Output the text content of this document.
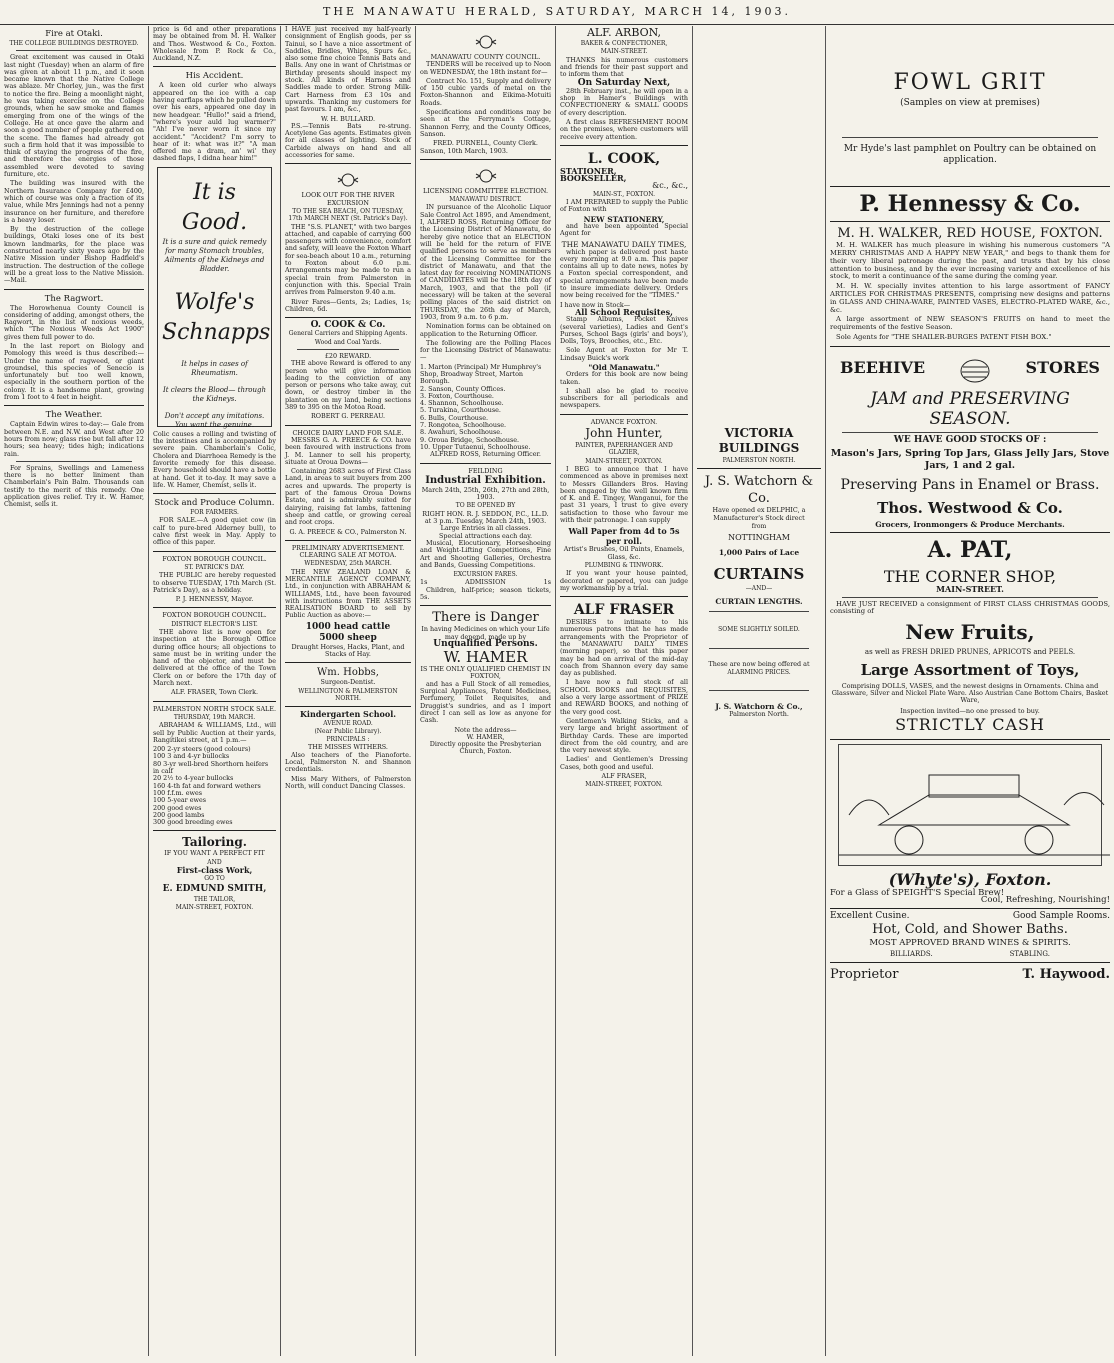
THE MANAWATU HERALD, SATURDAY, MARCH 14, 1903.
Fire at Otaki.
THE COLLEGE BUILDINGS DESTROYED.

Great excitement was caused in Otaki last night (Tuesday) when an alarm of fire was given at about 11 p.m., and it soon became known that the Native College was ablaze. Mr Chorley, jun., was the first to notice the fire. Being a moonlight night, he was taking exercise on the College grounds, when he saw smoke and flames emerging from one of the wings of the College. He at once gave the alarm and soon a good number of people gathered on the scene. The flames had already got such a firm hold that it was impossible to think of staying the progress of the fire, and therefore the energies of those assembled were devoted to saving furniture, etc.

The building was insured with the Northern Insurance Company for £400, which of course was only a fraction of its value, while Mrs Jennings had not a penny insurance on her furniture, and therefore is a heavy loser.

By the destruction of the college buildings, Otaki loses one of its best known landmarks, for the place was constructed nearly sixty years ago by the Native Mission under Bishop Hadfield's instruction. The destruction of the college will be a great loss to the Native Mission.—Mail.

The Ragwort.

The Horowhenua County Council is considering of adding, amongst others, the Ragwort, in the list of noxious weeds, which "The Noxious Weeds Act 1900" gives them full power to do.

In the last report on Biology and Pomology this weed is thus described:—Under the name of ragweed, or giant groundsel, this species of Senecio is unfortunately but too well known, especially in the southern portion of the colony. It is a handsome plant, growing from 1 foot to 4 feet in height.

The Weather.

Captain Edwin wires to-day:— Gale from between N.E. and N.W. and West after 20 hours from now; glass rise but fall after 12 hours; sea heavy; tides high; indications rain.

For Sprains, Swellings and Lameness there is no better liniment than Chamberlain's Pain Balm. Thousands can testify to the merit of this remedy. One application gives relief. Try it. W. Hamer, Chemist, sells it.

price is 6d and other preparations may be obtained from M. H. Walker and Thos. Westwood & Co., Foxton. Wholesale from P. Rock & Co., Auckland, N.Z.

His Accident.

A keen old curler who always appeared on the ice with a cap having earflaps which he pulled down over his ears, appeared one day in new headgear. "Hullo!" said a friend, "where's your auld lug warmer?" "Ah! I've never worn it since my accident." "Accident? I'm sorry to hear of it: what was it?" "A man offered me a dram, an' wi' they dashed flaps, I didna hear him!"

It is Good.
It is a sure and quick remedy for many Stomach troubles, Ailments of the Kidneys and Bladder.
Wolfe's
Schnapps
It helps in cases of Rheumatism.
It clears the Blood— through the Kidneys.
Don't accept any imitations. You want the genuine.

Colic causes a rolling and twisting of the intestines and is accompanied by severe pain. Chamberlain's Colic, Cholera and Diarrhoea Remedy is the favorite remedy for this disease. Every household should have a bottle at hand. Get it to-day. It may save a life. W. Hamer, Chemist, sells it.

Stock and Produce Column.
FOR FARMERS.

FOR SALE.—A good quiet cow (in calf to pure-bred Alderney bull), to calve first week in May. Apply to office of this paper.

FOXTON BOROUGH COUNCIL.
ST. PATRICK'S DAY.

THE PUBLIC are hereby requested to observe TUESDAY, 17th March (St. Patrick's Day), as a holiday.

P. J. HENNESSY, Mayor.
FOXTON BOROUGH COUNCIL.
DISTRICT ELECTOR'S LIST.

THE above list is now open for inspection at the Borough Office during office hours; all objections to same must be in writing under the hand of the objector, and must be delivered at the office of the Town Clerk on or before the 17th day of March next.

ALF. FRASER, Town Clerk.
PALMERSTON NORTH STOCK SALE.
THURSDAY, 19th MARCH.

ABRAHAM & WILLIAMS, Ltd., will sell by Public Auction at their yards, Rangitikei street, at 1 p.m.—

200 2-yr steers (good colours)
100 3 and 4-yr bullocks
80 3-yr well-bred Shorthorn heifers in calf
20 2½ to 4-year bullocks
160 4-th fat and forward wethers
100 f.f.m. ewes
100 5-year ewes
200 good ewes
200 good lambs
300 good breeding ewes
Tailoring.
IF YOU WANT A PERFECT FIT
AND
First-class Work,
GO TO
E. EDMUND SMITH,
THE TAILOR,
MAIN-STREET, FOXTON.

I HAVE just received my half-yearly consignment of English goods, per ss Tainui, so I have a nice assortment of Saddles, Bridles, Whips, Spurs &c., also some fine choice Tennis Bats and Balls. Any one in want of Christmas or Birthday presents should inspect my stock. All kinds of Harness and Saddles made to order. Strong Milk-Cart Harness from £3 10s and upwards. Thanking my customers for past favours. I am, &c.,

W. H. BULLARD.

P.S.—Tennis Bats re-strung. Acetylene Gas agents. Estimates given for all classes of lighting. Stock of Carbide always on hand and all accessories for same.

LOOK OUT FOR THE RIVER EXCURSION
TO THE SEA BEACH, ON TUESDAY, 17th MARCH NEXT (St. Patrick's Day).

THE "S.S. PLANET," with two barges attached, and capable of carrying 600 passengers with convenience, comfort and safety, will leave the Foxton Wharf for sea-beach about 10 a.m., returning to Foxton about 6.0 p.m. Arrangements may be made to run a special train from Palmerston in conjunction with this. Special Train arrives from Palmerston 9.40 a.m.

River Fares—Gents, 2s; Ladies, 1s; Children, 6d.

O. COOK & Co.
General Carriers and Shipping Agents.
Wood and Coal Yards.
£20 REWARD.

THE above Reward is offered to any person who will give information leading to the conviction of any person or persons who take away, cut down, or destroy timber in the plantation on my land, being sections 389 to 395 on the Motoa Road.

ROBERT G. PERREAU.
CHOICE DAIRY LAND FOR SALE.

MESSRS G. A. PREECE & CO. have been favoured with instructions from J. M. Lanner to sell his property, situate at Oroua Downs—

Containing 2683 acres of First Class Land, in areas to suit buyers from 200 acres and upwards. The property is part of the famous Oroua Downs Estate, and is admirably suited for dairying, raising fat lambs, fattening sheep and cattle, or growing cereal and root crops.

G. A. PREECE & CO., Palmerston N.
PRELIMINARY ADVERTISEMENT.
CLEARING SALE AT MOTOA.
WEDNESDAY, 25th MARCH.

THE NEW ZEALAND LOAN & MERCANTILE AGENCY COMPANY, Ltd., in conjunction with ABRAHAM & WILLIAMS, Ltd., have been favoured with instructions from THE ASSETS REALISATION BOARD to sell by Public Auction as above:—

1000 head cattle
5000 sheep
Draught Horses, Hacks, Plant, and Stacks of Hay.
Wm. Hobbs,
Surgeon-Dentist.
WELLINGTON & PALMERSTON NORTH.
Kindergarten School.
AVENUE ROAD.
(Near Public Library).
PRINCIPALS :
THE MISSES WITHERS.

Also teachers of the Pianoforte. Local, Palmerston N. and Shannon credentials.

Miss Mary Withers, of Palmerston North, will conduct Dancing Classes.

MANAWATU COUNTY COUNCIL.

TENDERS will be received up to Noon on WEDNESDAY, the 18th instant for—

Contract No. 151, Supply and delivery of 150 cubic yards of metal on the Foxton-Shannon and Eikima-Motuiti Roads.

Specifications and conditions may be seen at the Ferryman's Cottage, Shannon Ferry, and the County Offices, Sanson.

FRED. PURNELL, County Clerk.
Sanson, 10th March, 1903.
LICENSING COMMITTEE ELECTION.
MANAWATU DISTRICT.

IN pursuance of the Alcoholic Liquor Sale Control Act 1895, and Amendment, I, ALFRED ROSS, Returning Officer for the Licensing District of Manawatu, do hereby give notice that an ELECTION will be held for the return of FIVE qualified persons to serve as members of the Licensing Committee for the district of Manawatu, and that the latest day for receiving NOMINATIONS of CANDIDATES will be the 18th day of March, 1903, and that the poll (if necessary) will be taken at the several polling places of the said district on THURSDAY, the 26th day of March, 1903, from 9 a.m. to 6 p.m.

Nomination forms can be obtained on application to the Returning Officer.

The following are the Polling Places for the Licensing District of Manawatu:—

1. Marton (Principal) Mr Humphrey's Shop, Broadway Street, Marton Borough.
2. Sanson, County Offices.
3. Foxton, Courthouse.
4. Shannon, Schoolhouse.
5. Turakina, Courthouse.
6. Bulls, Courthouse.
7. Rongotea, Schoolhouse.
8. Awahuri, Schoolhouse.
9. Oroua Bridge, Schoolhouse.
10. Upper Tutaenui, Schoolhouse.
ALFRED ROSS, Returning Officer.
FEILDING
Industrial Exhibition.
March 24th, 25th, 26th, 27th and 28th, 1903.
TO BE OPENED BY
RIGHT HON. R. J. SEDDON, P.C., LL.D.
at 3 p.m. Tuesday, March 24th, 1903.
Large Entries in all classes.
Special attractions each day.

Musical, Elocutionary, Horseshoeing and Weight-Lifting Competitions, Fine Art and Shooting Galleries, Orchestra and Bands, Guessing Competitions.

EXCURSION FARES.
1s	ADMISSION	1s

Children, half-price; season tickets, 5s.

There is Danger
In having Medicines on which your Life may depend, made up by
Unqualified Persons.
W. HAMER
IS THE ONLY QUALIFIED CHEMIST IN FOXTON,

and has a Full Stock of all remedies, Surgical Appliances, Patent Medicines, Perfumery, Toilet Requisites, and Druggist's sundries, and as I import direct I can sell as low as anyone for Cash.

Note the address—
W. HAMER,
Directly opposite the Presbyterian Church, Foxton.
ALF. ARBON,
BAKER & CONFECTIONER,
MAIN-STREET.

THANKS his numerous customers and friends for their past support and to inform them that

On Saturday Next,

28th February inst., he will open in a shop in Hamer's Buildings with CONFECTIONERY & SMALL GOODS of every description.

A first class REFRESHMENT ROOM on the premises, where customers will receive every attention.

L. COOK,
STATIONER,
BOOKSELLER,
&c., &c.,
MAIN-ST., FOXTON.

I AM PREPARED to supply the Public of Foxton with

NEW STATIONERY,

and have been appointed Special Agent for

THE MANAWATU DAILY TIMES,

which paper is delivered post haste every morning at 9.0 a.m. This paper contains all up to date news, notes by a Foxton special correspondent, and special arrangements have been made to insure immediate delivery. Orders now being received for the "TIMES."

I have now in Stock—
All School Requisites,

Stamp Albums, Pocket Knives (several varieties), Ladies and Gent's Purses, School Bags (girls' and boys'), Dolls, Toys, Brooches, etc., Etc.

Sole Agent at Foxton for Mr T. Lindsay Buick's work

"Old Manawatu."

Orders for this book are now being taken.

I shall also be glad to receive subscribers for all periodicals and newspapers.

ADVANCE FOXTON.
John Hunter,
PAINTER, PAPERHANGER AND GLAZIER,
MAIN-STREET, FOXTON.

I BEG to announce that I have commenced as above in premises next to Messrs Gillanders Bros. Having been engaged by the well known firm of K. and E. Tingey, Wanganui, for the past 31 years, I trust to give every satisfaction to those who favour me with their patronage. I can supply

Wall Paper from 4d to 5s per roll.
Artist's Brushes, Oil Paints, Enamels, Glass, &c.
PLUMBING & TINWORK.

If you want your house painted, decorated or papered, you can judge my workmanship by a trial.

ALF FRASER

DESIRES to intimate to his numerous patrons that he has made arrangements with the Proprietor of the MANAWATU DAILY TIMES (morning paper), so that this paper may be had on arrival of the mid-day coach from Shannon every day same day as published.

I have now a full stock of all SCHOOL BOOKS and REQUISITES, also a very large assortment of PRIZE and REWARD BOOKS, and nothing of the very good cost.

Gentlemen's Walking Sticks, and a very large and bright assortment of Birthday Cards. These are imported direct from the old country, and are the very newest style.

Ladies' and Gentlemen's Dressing Cases, both good and useful.

ALF FRASER,
MAIN-STREET, FOXTON.
VICTORIA BUILDINGS
PALMERSTON NORTH.
J. S. Watchorn & Co.
Have opened ex DELPHIC, a
Manufacturer's Stock direct
from
NOTTINGHAM
1,000 Pairs of Lace
CURTAINS
—AND—
CURTAIN LENGTHS.
SOME SLIGHTLY SOILED.
These are now being offered at
ALARMING PRICES.
J. S. Watchorn & Co.,
Palmerston North.
FOWL GRIT
(Samples on view at premises)
Mr Hyde's last pamphlet on Poultry can be obtained on application.
P. Hennessy & Co.
M. H. WALKER, RED HOUSE, FOXTON.

M. H. WALKER has much pleasure in wishing his numerous customers "A MERRY CHRISTMAS AND A HAPPY NEW YEAR," and begs to thank them for their very liberal patronage during the past, and trusts that by his close attention to business, and by the ever increasing variety and excellence of his stock, to merit a continuance of the same during the coming year.

M. H. W. specially invites attention to his large assortment of FANCY ARTICLES FOR CHRISTMAS PRESENTS, comprising new designs and patterns in GLASS AND CHINA-WARE, PAINTED VASES, ELECTRO-PLATED WARE, &c., &c.

A large assortment of NEW SEASON'S FRUITS on hand to meet the requirements of the festive Season.

Sole Agents for "THE SHAILER-BURGES PATENT FISH BOX."

BEEHIVE	STORES
JAM and PRESERVING SEASON.
WE HAVE GOOD STOCKS OF :
Mason's Jars, Spring Top Jars, Glass Jelly Jars, Stove Jars, 1 and 2 gal.
Preserving Pans in Enamel or Brass.
Thos. Westwood & Co.
Grocers, Ironmongers & Produce Merchants.
A. PAT,
THE CORNER SHOP,
MAIN-STREET.

HAVE JUST RECEIVED a consignment of FIRST CLASS CHRISTMAS GOODS, consisting of

New Fruits,
as well as FRESH DRIED PRUNES, APRICOTS and PEELS.
Large Assortment of Toys,
Comprising DOLLS, VASES, and the newest designs in Ornaments. China and Glassware, Silver and Nickel Plate Ware. Also Austrian Cane Bottom Chairs, Basket Ware,
Inspection invited—no one pressed to buy.
STRICTLY CASH
(Whyte's), Foxton.
For a Glass of SPEIGHT'S Special Brew!
Cool, Refreshing, Nourishing!
Excellent Cusine.	Good Sample Rooms.
Hot, Cold, and Shower Baths.
MOST APPROVED BRAND WINES & SPIRITS.
BILLIARDS.	STABLING.
Proprietor	T. Haywood.
